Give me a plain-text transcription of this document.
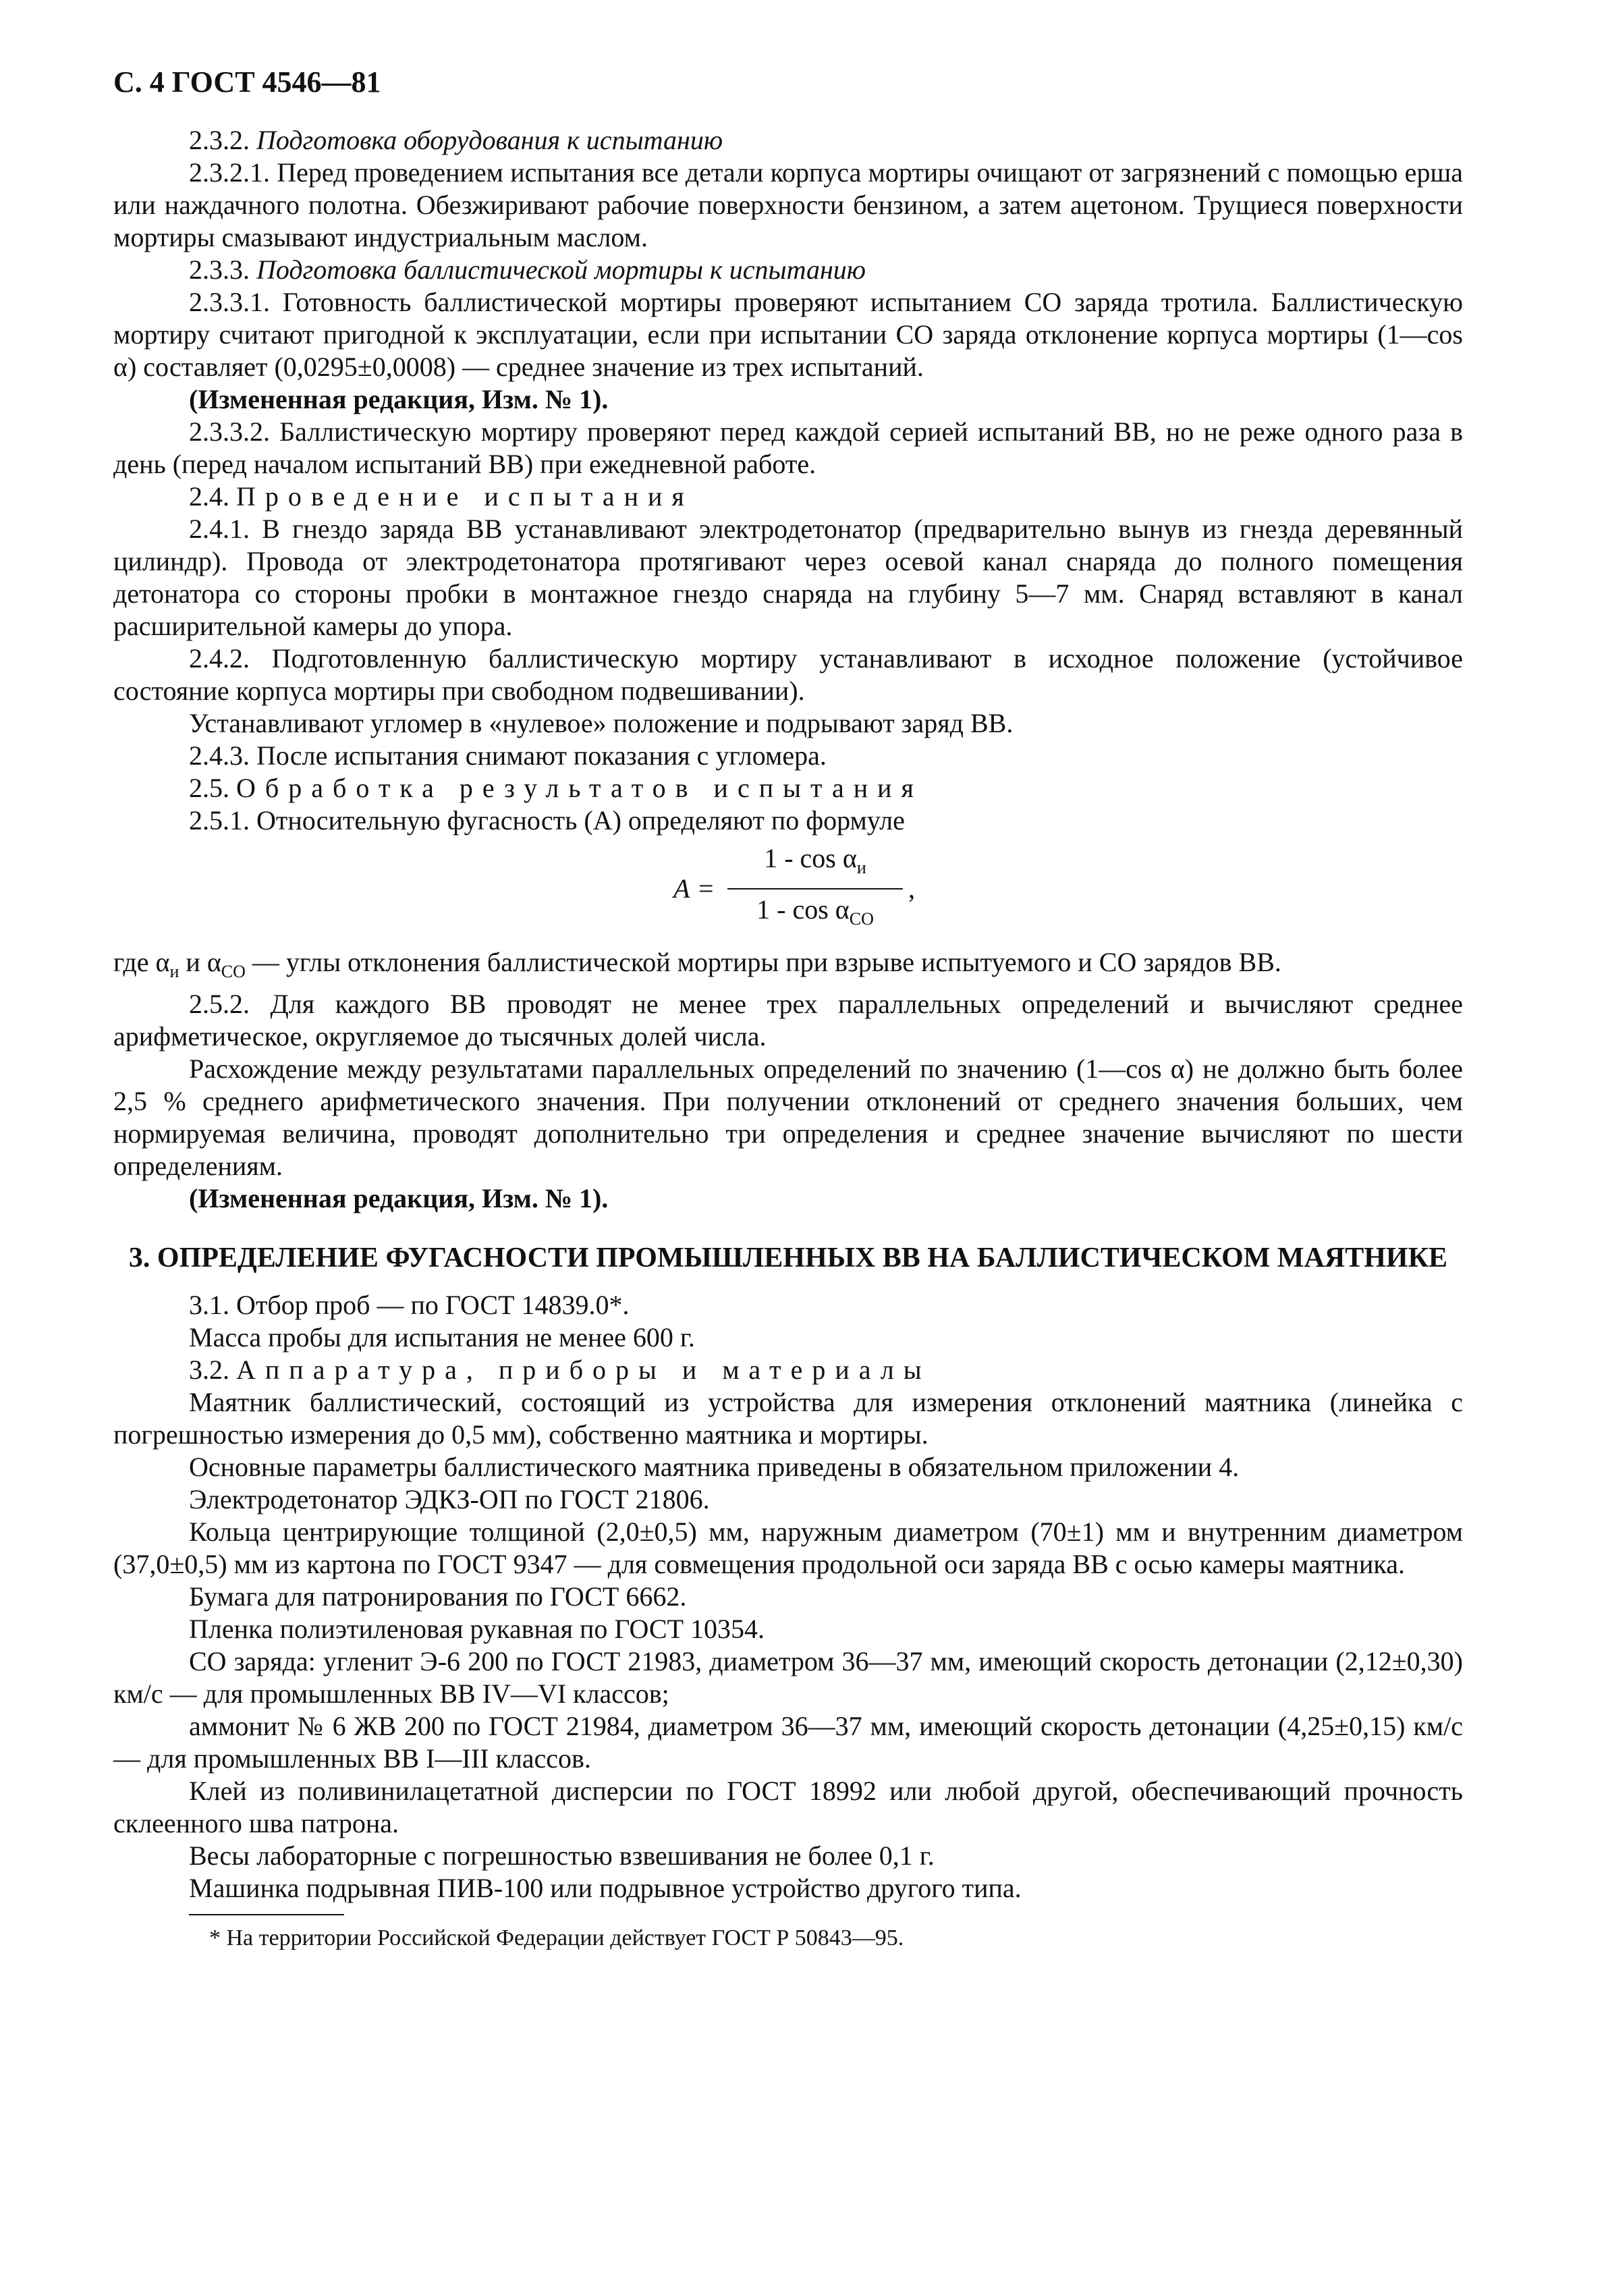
С. 4 ГОСТ 4546—81

2.3.2. Подготовка оборудования к испытанию

2.3.2.1. Перед проведением испытания все детали корпуса мортиры очищают от загрязнений с помощью ерша или наждачного полотна. Обезжиривают рабочие поверхности бензином, а затем ацетоном. Трущиеся поверхности мортиры смазывают индустриальным маслом.

2.3.3. Подготовка баллистической мортиры к испытанию

2.3.3.1. Готовность баллистической мортиры проверяют испытанием СО заряда тротила. Баллистическую мортиру считают пригодной к эксплуатации, если при испытании СО заряда отклонение корпуса мортиры (1—cos α) составляет (0,0295±0,0008) — среднее значение из трех испытаний.

(Измененная редакция, Изм. № 1).

2.3.3.2. Баллистическую мортиру проверяют перед каждой серией испытаний ВВ, но не реже одного раза в день (перед началом испытаний ВВ) при ежедневной работе.

2.4. Проведение испытания

2.4.1. В гнездо заряда ВВ устанавливают электродетонатор (предварительно вынув из гнезда деревянный цилиндр). Провода от электродетонатора протягивают через осевой канал снаряда до полного помещения детонатора со стороны пробки в монтажное гнездо снаряда на глубину 5—7 мм. Снаряд вставляют в канал расширительной камеры до упора.

2.4.2. Подготовленную баллистическую мортиру устанавливают в исходное положение (устойчивое состояние корпуса мортиры при свободном подвешивании).

Устанавливают угломер в «нулевое» положение и подрывают заряд ВВ.

2.4.3. После испытания снимают показания с угломера.

2.5. Обработка результатов испытания

2.5.1. Относительную фугасность (А) определяют по формуле

А =
$1 - \cos \alpha_и$
$1 - \cos \alpha_{CO}$
,

где $\alpha_и$ и $\alpha_{CO}$ — углы отклонения баллистической мортиры при взрыве испытуемого и СО зарядов ВВ.

2.5.2. Для каждого ВВ проводят не менее трех параллельных определений и вычисляют среднее арифметическое, округляемое до тысячных долей числа.

Расхождение между результатами параллельных определений по значению (1—cos α) не должно быть более 2,5 % среднего арифметического значения. При получении отклонений от среднего значения больших, чем нормируемая величина, проводят дополнительно три определения и среднее значение вычисляют по шести определениям.

(Измененная редакция, Изм. № 1).

3. ОПРЕДЕЛЕНИЕ ФУГАСНОСТИ ПРОМЫШЛЕННЫХ ВВ НА БАЛЛИСТИЧЕСКОМ МАЯТНИКЕ

3.1. Отбор проб — по ГОСТ 14839.0*.

Масса пробы для испытания не менее 600 г.

3.2. Аппаратура, приборы и материалы

Маятник баллистический, состоящий из устройства для измерения отклонений маятника (линейка с погрешностью измерения до 0,5 мм), собственно маятника и мортиры.

Основные параметры баллистического маятника приведены в обязательном приложении 4.

Электродетонатор ЭДКЗ-ОП по ГОСТ 21806.

Кольца центрирующие толщиной (2,0±0,5) мм, наружным диаметром (70±1) мм и внутренним диаметром (37,0±0,5) мм из картона по ГОСТ 9347 — для совмещения продольной оси заряда ВВ с осью камеры маятника.

Бумага для патронирования по ГОСТ 6662.

Пленка полиэтиленовая рукавная по ГОСТ 10354.

СО заряда: угленит Э-6 200 по ГОСТ 21983, диаметром 36—37 мм, имеющий скорость детонации (2,12±0,30) км/с — для промышленных ВВ IV—VI классов;

аммонит № 6 ЖВ 200 по ГОСТ 21984, диаметром 36—37 мм, имеющий скорость детонации (4,25±0,15) км/с — для промышленных ВВ I—III классов.

Клей из поливинилацетатной дисперсии по ГОСТ 18992 или любой другой, обеспечивающий прочность склеенного шва патрона.

Весы лабораторные с погрешностью взвешивания не более 0,1 г.

Машинка подрывная ПИВ-100 или подрывное устройство другого типа.

* На территории Российской Федерации действует ГОСТ Р 50843—95.
